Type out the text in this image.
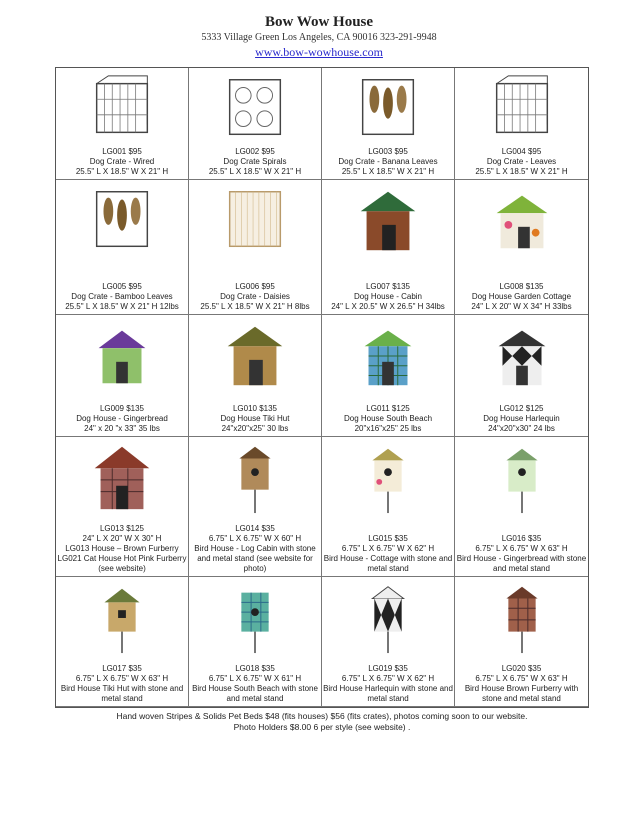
Bow Wow House
5333 Village Green Los Angeles, CA 90016 323-291-9948
www.bow-wowhouse.com
LG001 $95
Dog Crate - Wired
25.5" L X 18.5" W X 21" H
LG002 $95
Dog Crate Spirals
25.5" L X 18.5" W X 21" H
LG003 $95
Dog Crate - Banana Leaves
25.5" L X 18.5" W X 21" H
LG004 $95
Dog Crate - Leaves
25.5" L X 18.5" W X 21" H
LG005 $95
Dog Crate - Bamboo Leaves
25.5" L X 18.5" W X 21" H 12lbs
LG006 $95
Dog Crate - Daisies
25.5" L X 18.5" W X 21" H 8lbs
LG007 $135
Dog House - Cabin
24" L X 20.5" W X 26.5" H 34lbs
LG008 $135
Dog House Garden Cottage
24" L X 20" W X 34" H 33lbs
LG009 $135
Dog House - Gingerbread
24" x 20 "x 33" 35 lbs
LG010 $135
Dog House Tiki Hut
24"x20"x25" 30 lbs
LG011 $125
Dog House South Beach
20"x16"x25" 25 lbs
LG012 $125
Dog House Harlequin
24"x20"x30" 24 lbs
LG013 $125
24" L X 20" W X 30" H
LG013 House – Brown Furberry
LG021 Cat House Hot Pink Furberry (see website)
LG014 $35
6.75" L X 6.75" W X 60" H
Bird House - Log Cabin with stone and metal stand (see website for photo)
LG015 $35
6.75" L X 6.75" W X 62" H
Bird House - Cottage with stone and metal stand
LG016 $35
6.75" L X 6.75" W X 63" H
Bird House - Gingerbread with stone and metal stand
LG017 $35
6.75" L X 6.75" W X 63" H
Bird House Tiki Hut with stone and metal stand
LG018 $35
6.75" L X 6.75" W X 61" H
Bird House South Beach with stone and metal stand
LG019 $35
6.75" L X 6.75" W X 62" H
Bird House Harlequin with stone and metal stand
LG020 $35
6.75" L X 6.75" W X 63" H
Bird House Brown Furberry with stone and metal stand
Hand woven Stripes & Solids Pet Beds $48 (fits houses) $56 (fits crates), photos coming soon to our website.
Photo Holders $8.00 6 per style (see website) .
